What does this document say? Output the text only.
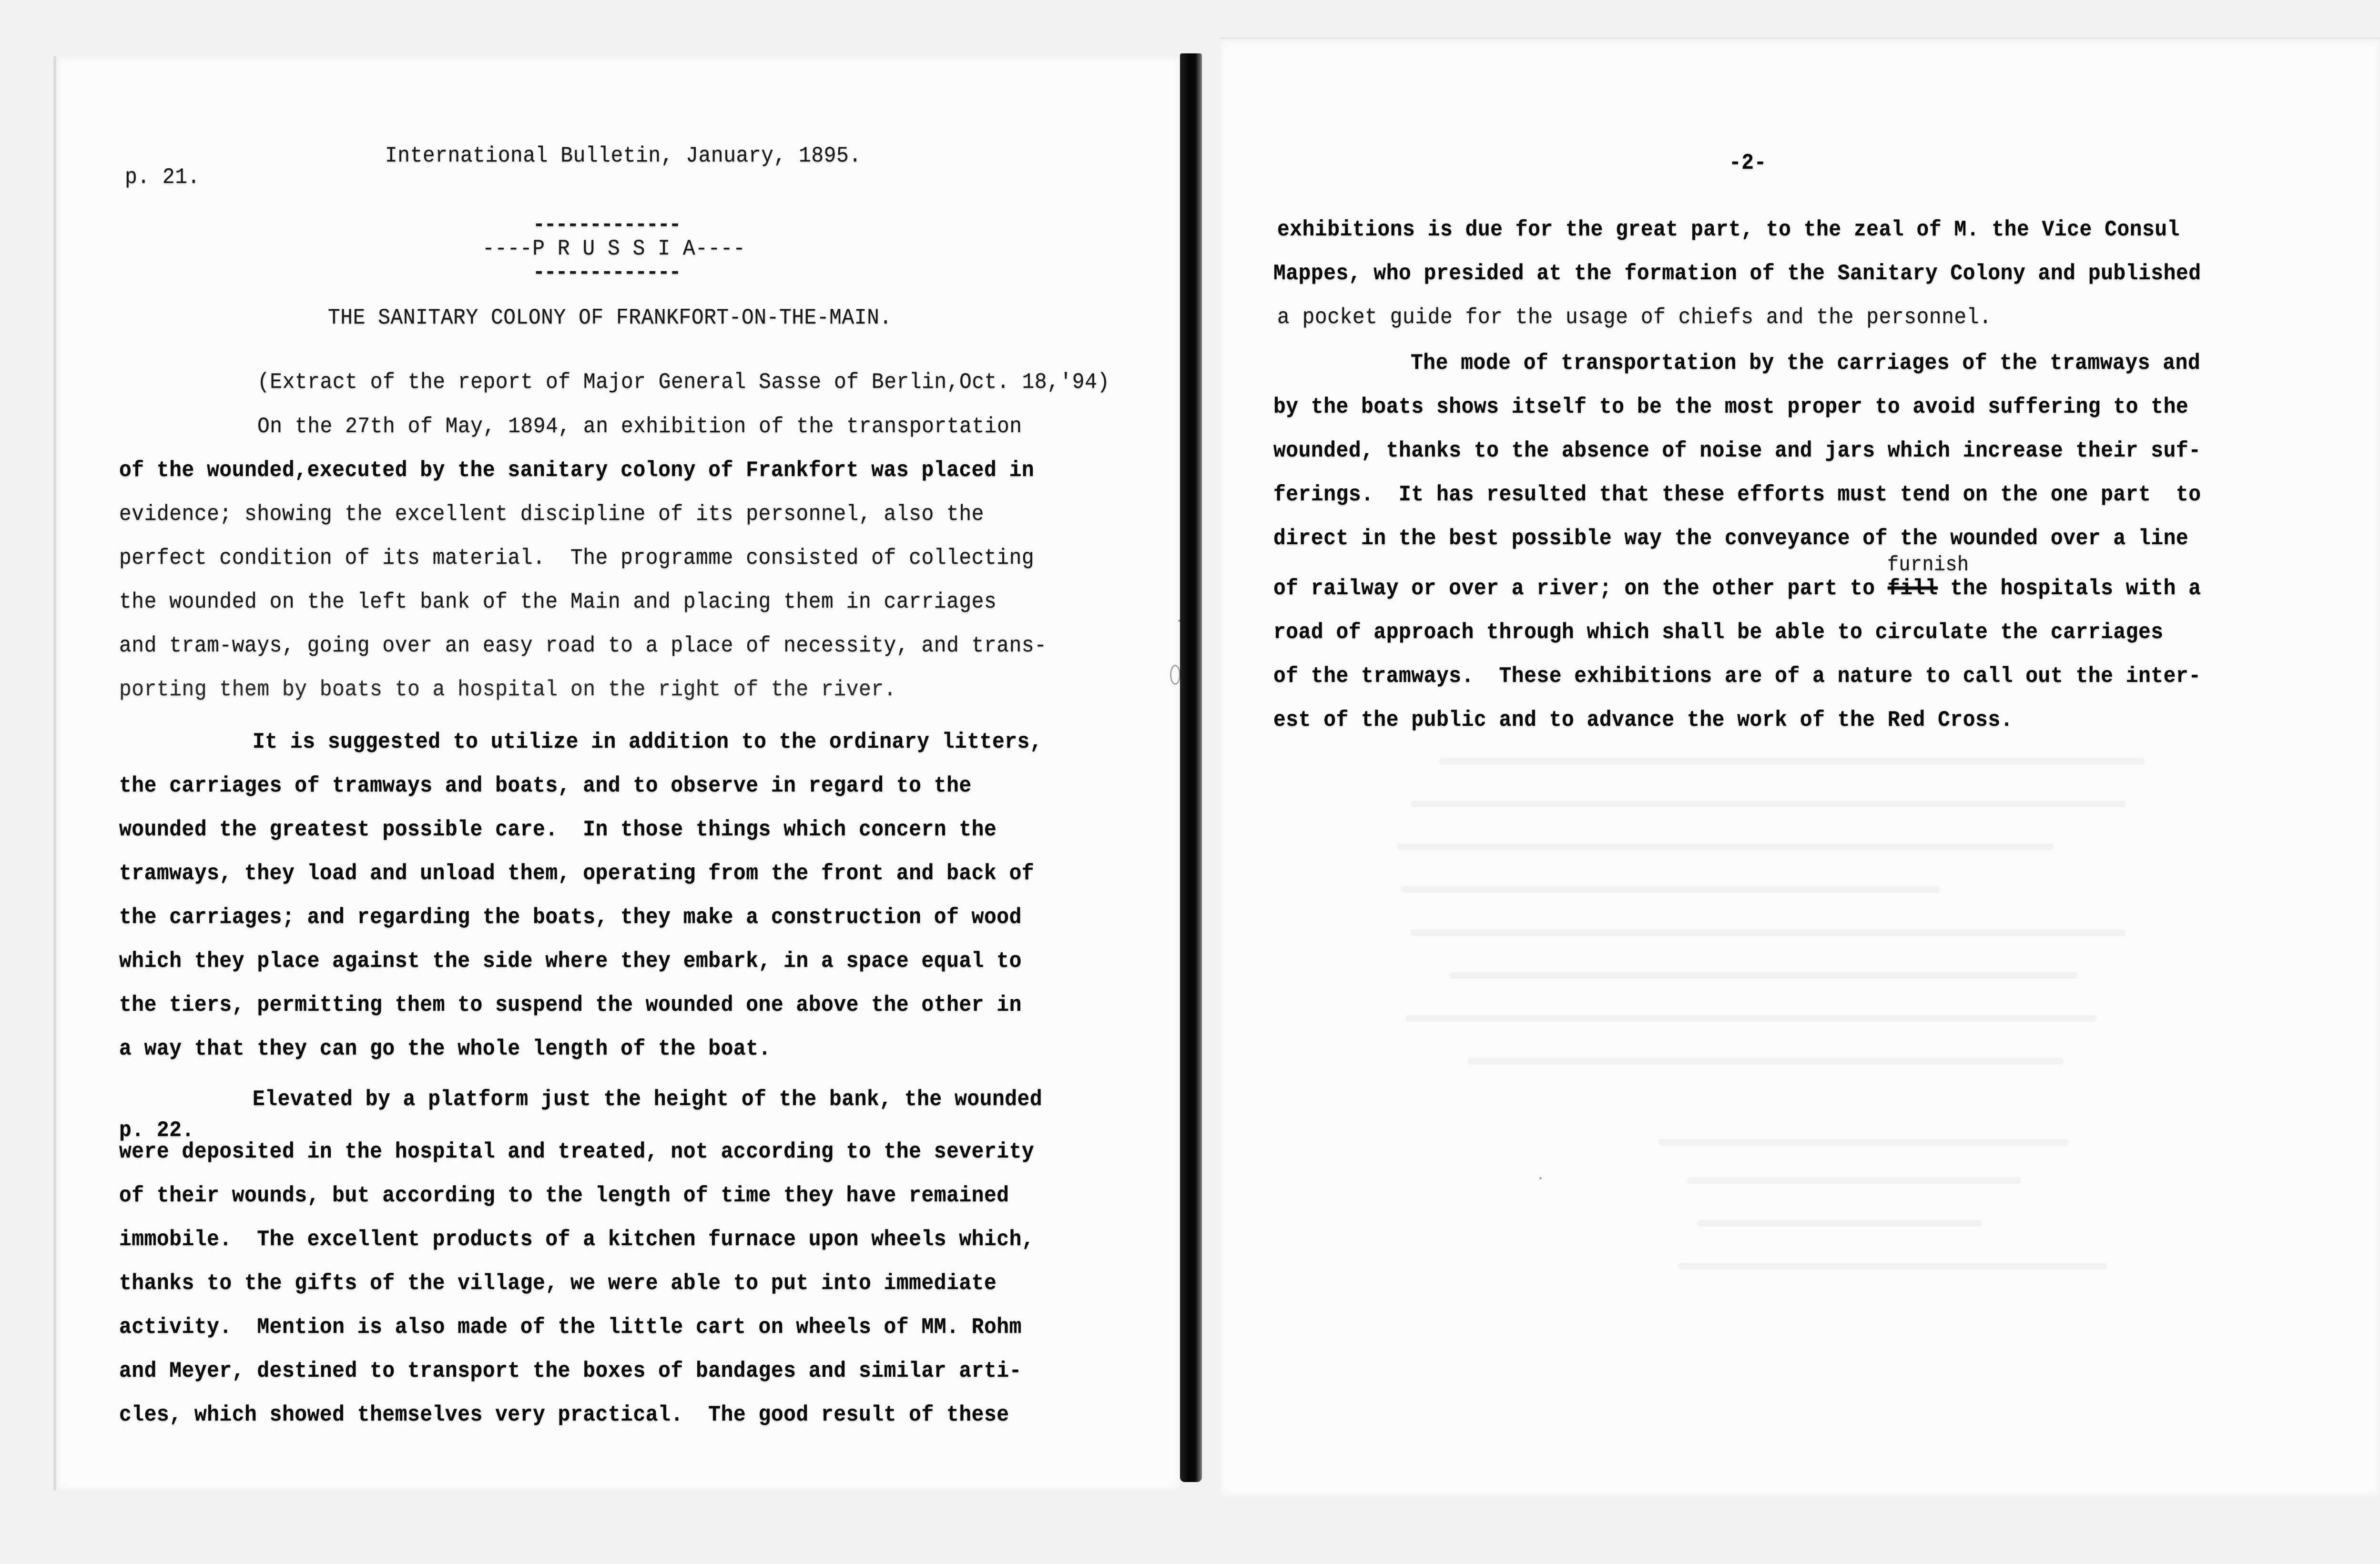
p. 21.
International Bulletin, January, 1895.
-------------
----P R U S S I A----
-------------
THE SANITARY COLONY OF FRANKFORT-ON-THE-MAIN.
(Extract of the report of Major General Sasse of Berlin,Oct. 18,'94)
On the 27th of May, 1894, an exhibition of the transportation
of the wounded,executed by the sanitary colony of Frankfort was placed in
evidence; showing the excellent discipline of its personnel, also the
perfect condition of its material.  The programme consisted of collecting
the wounded on the left bank of the Main and placing them in carriages
and tram-ways, going over an easy road to a place of necessity, and trans-
porting them by boats to a hospital on the right of the river.
It is suggested to utilize in addition to the ordinary litters,
the carriages of tramways and boats, and to observe in regard to the
wounded the greatest possible care.  In those things which concern the
tramways, they load and unload them, operating from the front and back of
the carriages; and regarding the boats, they make a construction of wood
which they place against the side where they embark, in a space equal to
the tiers, permitting them to suspend the wounded one above the other in
a way that they can go the whole length of the boat.
Elevated by a platform just the height of the bank, the wounded
p. 22.
were deposited in the hospital and treated, not according to the severity
of their wounds, but according to the length of time they have remained
immobile.  The excellent products of a kitchen furnace upon wheels which,
thanks to the gifts of the village, we were able to put into immediate
activity.  Mention is also made of the little cart on wheels of MM. Rohm
and Meyer, destined to transport the boxes of bandages and similar arti-
cles, which showed themselves very practical.  The good result of these
-2-
exhibitions is due for the great part, to the zeal of M. the Vice Consul
Mappes, who presided at the formation of the Sanitary Colony and published
a pocket guide for the usage of chiefs and the personnel.
The mode of transportation by the carriages of the tramways and
by the boats shows itself to be the most proper to avoid suffering to the
wounded, thanks to the absence of noise and jars which increase their suf-
ferings.  It has resulted that these efforts must tend on the one part  to
direct in the best possible way the conveyance of the wounded over a line
furnish
of railway or over a river; on the other part to fill the hospitals with a
road of approach through which shall be able to circulate the carriages
of the tramways.  These exhibitions are of a nature to call out the inter-
est of the public and to advance the work of the Red Cross.
